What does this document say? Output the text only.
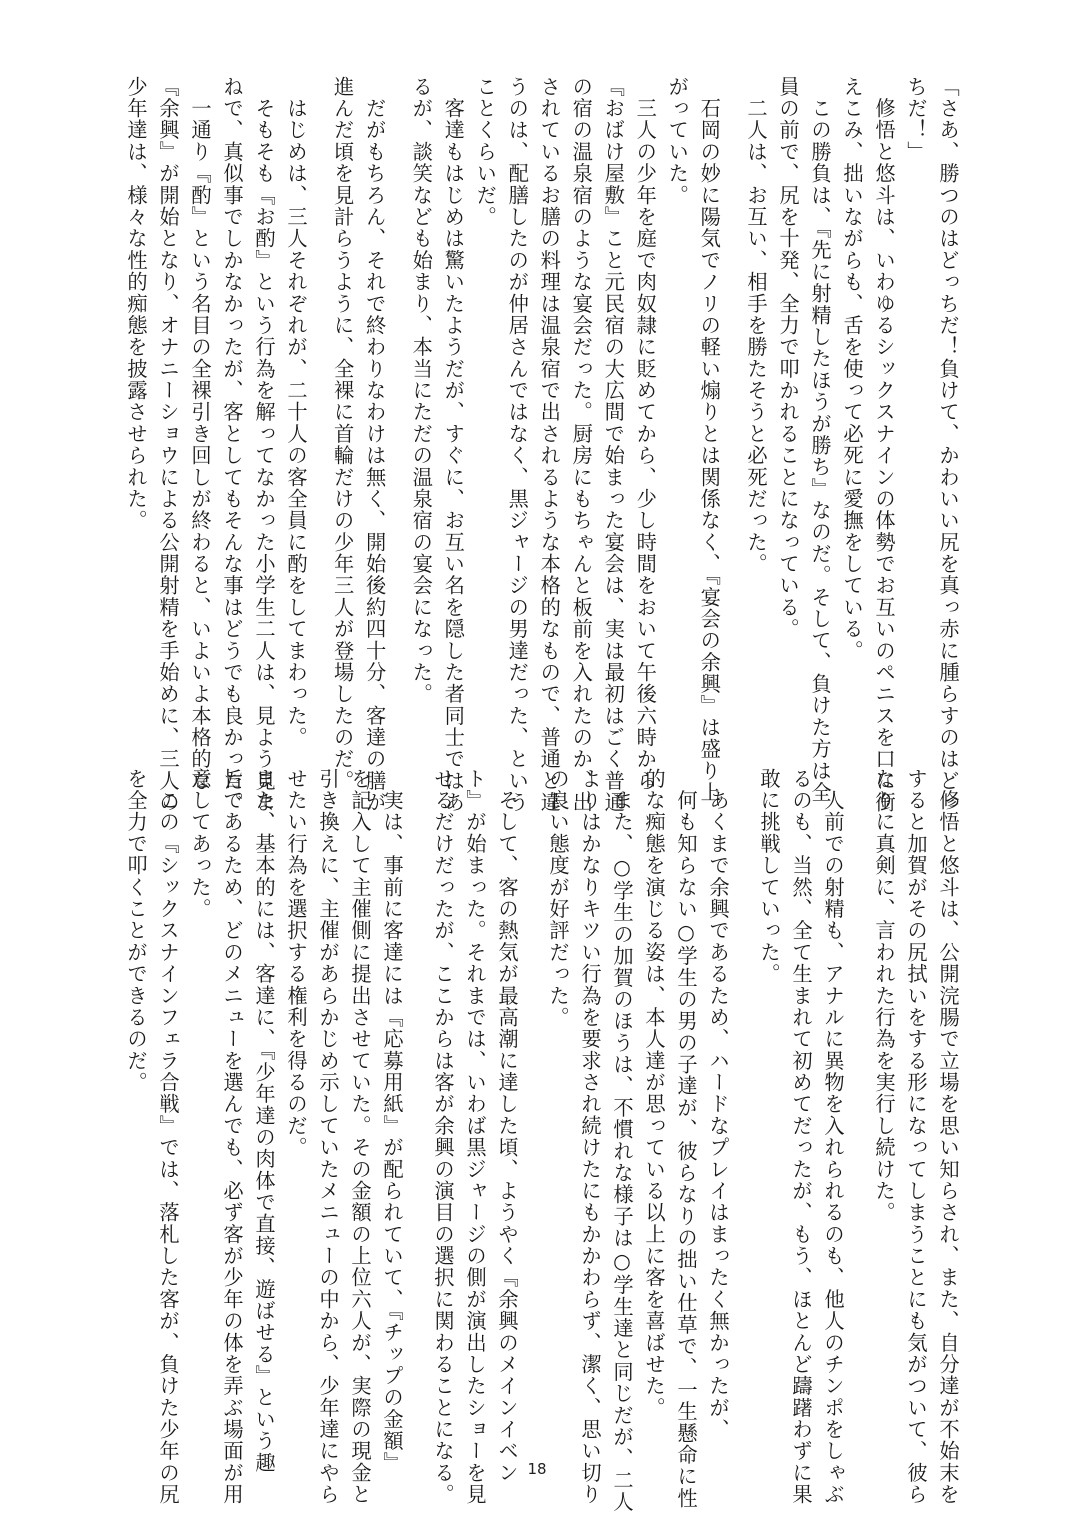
「さあ、勝つのはどっちだ！負けて、かわいい尻を真っ赤に腫らすのはどっ
ちだ！」
　修悟と悠斗は、いわゆるシックスナインの体勢でお互いのペニスを口に銜
えこみ、拙いながらも、舌を使って必死に愛撫をしている。
　この勝負は、『先に射精したほうが勝ち』なのだ。そして、負けた方は全
員の前で、尻を十発、全力で叩かれることになっている。
　二人は、お互い、相手を勝たそうと必死だった。
　石岡の妙に陽気でノリの軽い煽りとは関係なく、『宴会の余興』は盛り上
がっていた。
　三人の少年を庭で肉奴隷に貶めてから、少し時間をおいて午後六時から
『おばけ屋敷』こと元民宿の大広間で始まった宴会は、実は最初はごく普通
の宿の温泉宿のような宴会だった。厨房にもちゃんと板前を入れたのか、出
されているお膳の料理は温泉宿で出されるような本格的なもので、普通と違
うのは、配膳したのが仲居さんではなく、黒ジャージの男達だった、という
ことくらいだ。
　客達もはじめは驚いたようだが、すぐに、お互い名を隠した者同士ではあ
るが、談笑なども始まり、本当にただの温泉宿の宴会になった。
　だがもちろん、それで終わりなわけは無く、開始後約四十分、客達の膳が
進んだ頃を見計らうように、全裸に首輪だけの少年三人が登場したのだ。
　はじめは、三人それぞれが、二十人の客全員に酌をしてまわった。
　そもそも『お酌』という行為を解ってなかった小学生二人は、見よう見ま
ねで、真似事でしかなかったが、客としてもそんな事はどうでも良かった。
　一通り『酌』という名目の全裸引き回しが終わると、いよいよ本格的な
『余興』が開始となり、オナニーショウによる公開射精を手始めに、三人の
少年達は、様々な性的痴態を披露させられた。
　修悟と悠斗は、公開浣腸で立場を思い知らされ、また、自分達が不始末を
すると加賀がその尻拭いをする形になってしまうことにも気がついて、彼ら
なりに真剣に、言われた行為を実行し続けた。
　人前での射精も、アナルに異物を入れられるのも、他人のチンポをしゃぶ
るのも、当然、全て生まれて初めてだったが、もう、ほとんど躊躇わずに果
敢に挑戦していった。
　あくまで余興であるため、ハードなプレイはまったく無かったが、
　何も知らない○学生の男の子達が、彼らなりの拙い仕草で、一生懸命に性
的な痴態を演じる姿は、本人達が思っている以上に客を喜ばせた。
　また、○学生の加賀のほうは、不慣れな様子は○学生達と同じだが、二人
よりはかなりキツい行為を要求され続けたにもかかわらず、潔く、思い切り
の良い態度が好評だった。
　そして、客の熱気が最高潮に達した頃、ようやく『余興のメインイベン
ト』が始まった。それまでは、いわば黒ジャージの側が演出したショーを見
せるだけだったが、ここからは客が余興の演目の選択に関わることになる。
　実は、事前に客達には『応募用紙』が配られていて、『チップの金額』
を記入して主催側に提出させていた。その金額の上位六人が、実際の現金と
引き換えに、主催があらかじめ示していたメニューの中から、少年達にやら
せたい行為を選択する権利を得るのだ。
また、基本的には、客達に、『少年達の肉体で直接、遊ばせる』という趣
旨であるため、どのメニューを選んでも、必ず客が少年の体を弄ぶ場面が用
意してあった。
　この『シックスナインフェラ合戦』では、落札した客が、負けた少年の尻
を全力で叩くことができるのだ。
18
